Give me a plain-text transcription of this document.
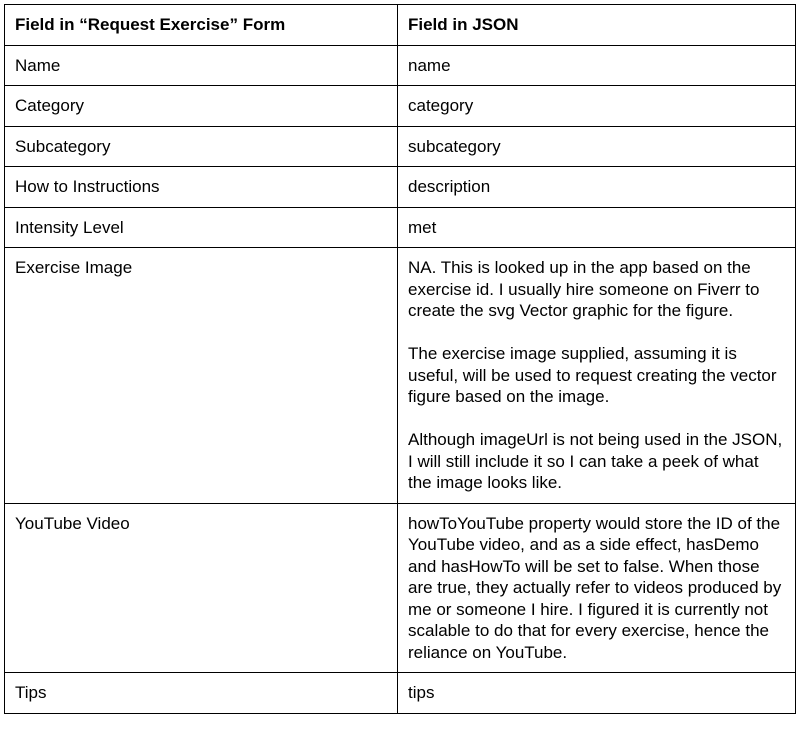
Field in “Request Exercise” Form	Field in JSON
Name	name
Category	category
Subcategory	subcategory
How to Instructions	description
Intensity Level	met
Exercise Image	NA. This is looked up in the app based on the exercise id. I usually hire someone on Fiverr to create the svg Vector graphic for the figure.

The exercise image supplied, assuming it is useful, will be used to request creating the vector figure based on the image.

Although imageUrl is not being used in the JSON, I will still include it so I can take a peek of what the image looks like.

YouTube Video	howToYouTube property would store the ID of the YouTube video, and as a side effect, hasDemo and hasHowTo will be set to false. When those are true, they actually refer to videos produced by me or someone I hire. I figured it is currently not scalable to do that for every exercise, hence the reliance on YouTube.

Tips	tips
